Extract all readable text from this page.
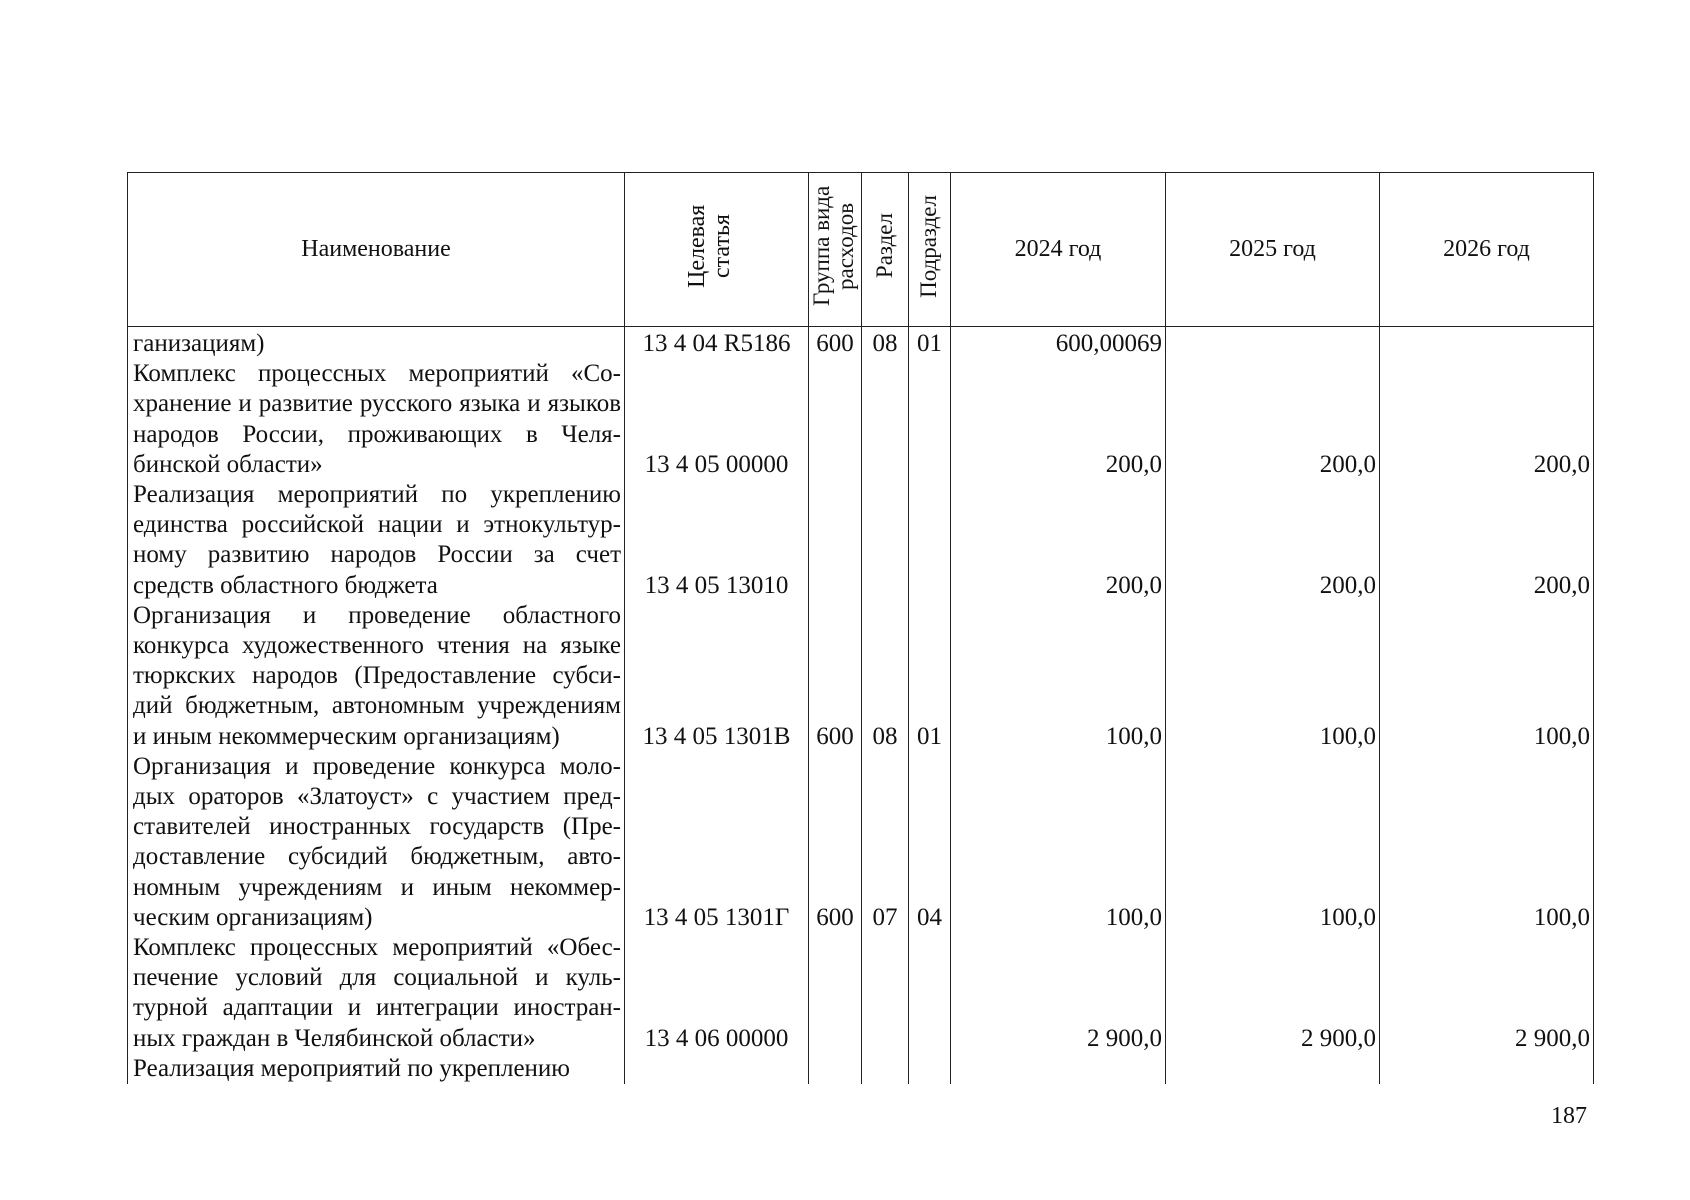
Наименование	Целевая статья	Группа вида расходов	Раздел	Подраздел	2024 год	2025 год	2026 год
ганизациям)	13 4 04 R5186	600	08	01	600,00069		
Комплекс процессных мероприятий «Сохранение и развитие русского языка и языков народов России, проживающих в Челябинской области»	13 4 05 00000				200,0	200,0	200,0
Реализация мероприятий по укреплению единства российской нации и этнокультурному развитию народов России за счет средств областного бюджета	13 4 05 13010				200,0	200,0	200,0
Организация и проведение областного конкурса художественного чтения на языке тюркских народов (Предоставление субсидий бюджетным, автономным учреждениям и иным некоммерческим организациям)	13 4 05 1301В	600	08	01	100,0	100,0	100,0
Организация и проведение конкурса молодых ораторов «Златоуст» с участием представителей иностранных государств (Предоставление субсидий бюджетным, автономным учреждениям и иным некоммерческим организациям)	13 4 05 1301Г	600	07	04	100,0	100,0	100,0
Комплекс процессных мероприятий «Обеспечение условий для социальной и культурной адаптации и интеграции иностранных граждан в Челябинской области»	13 4 06 00000				2 900,0	2 900,0	2 900,0
Реализация мероприятий по укреплению							
187
